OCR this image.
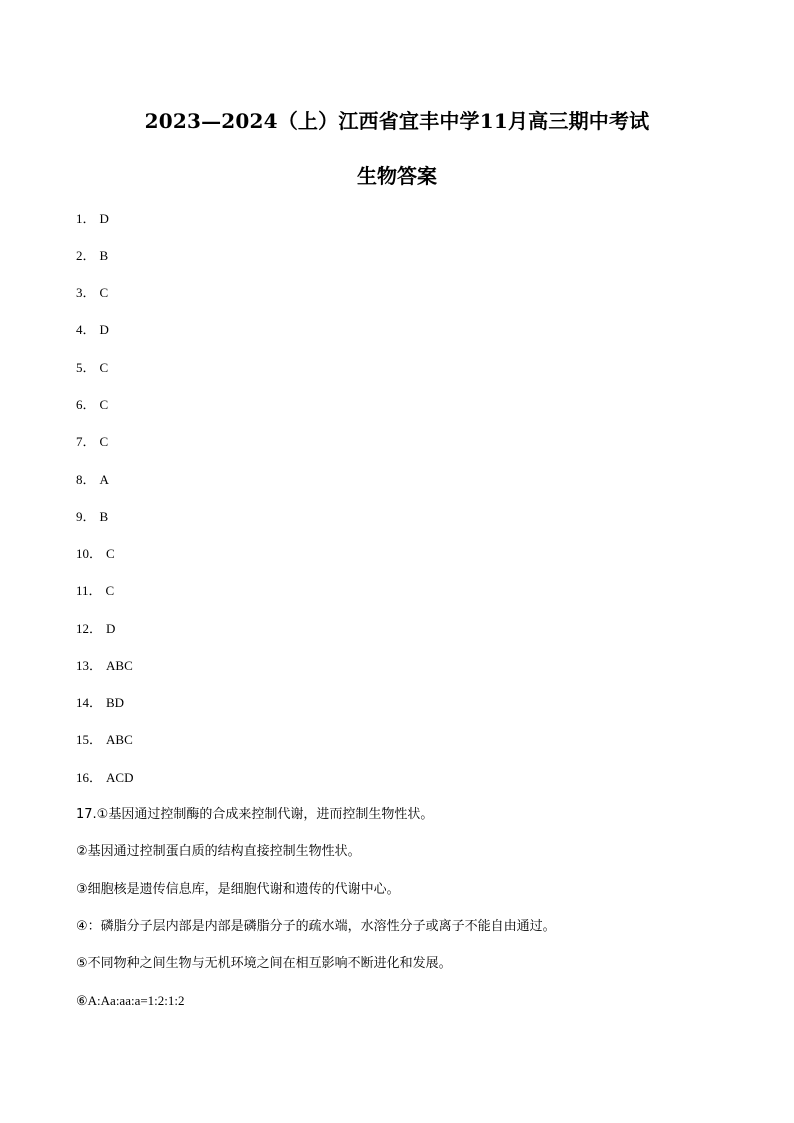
2023—2024（上）江西省宜丰中学11月高三期中考试
生物答案
1． D
2． B
3． C
4． D
5． C
6． C
7． C
8． A
9． B
10． C
11． C
12． D
13． ABC
14． BD
15． ABC
16． ACD
17.①基因通过控制酶的合成来控制代谢，进而控制生物性状。
②基因通过控制蛋白质的结构直接控制生物性状。
③细胞核是遗传信息库，是细胞代谢和遗传的代谢中心。
④：磷脂分子层内部是内部是磷脂分子的疏水端，水溶性分子或离子不能自由通过。
⑤不同物种之间生物与无机环境之间在相互影响不断进化和发展。
⑥A:Aa:aa:a=1:2:1:2
